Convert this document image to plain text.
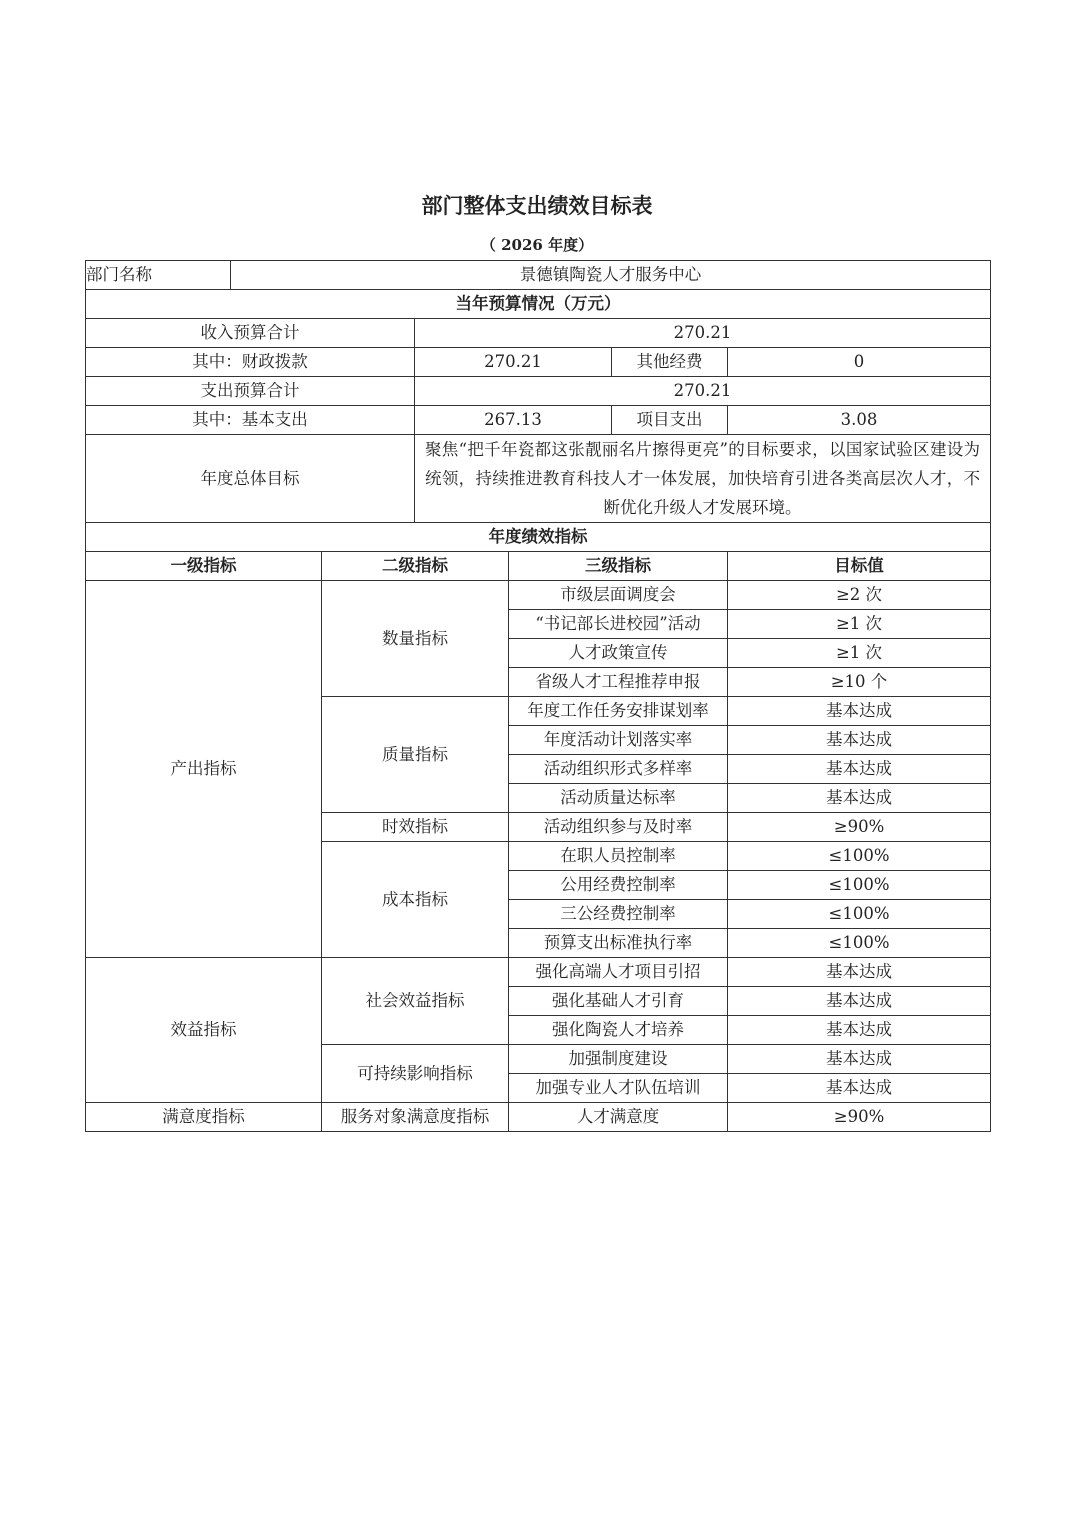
部门整体支出绩效目标表
（ 2026 年度）
部门名称	景德镇陶瓷人才服务中心					
当年预算情况（万元）						
收入预算合计			270.21			
其中：财政拨款			270.21		其他经费	0
支出预算合计			270.21			
其中：基本支出			267.13		项目支出	3.08
年度总体目标			聚焦“把千年瓷都这张靓丽名片擦得更亮”的目标要求，以国家试验区建设为统领，持续推进教育科技人才一体发展，加快培育引进各类高层次人才，不断优化升级人才发展环境。			
年度绩效指标						
一级指标		二级指标		三级指标		目标值
产出指标		数量指标		市级层面调度会		≥2 次
				“书记部长进校园”活动		≥1 次
				人才政策宣传		≥1 次
				省级人才工程推荐申报		≥10 个
		质量指标		年度工作任务安排谋划率		基本达成
				年度活动计划落实率		基本达成
				活动组织形式多样率		基本达成
				活动质量达标率		基本达成
		时效指标		活动组织参与及时率		≥90%
		成本指标		在职人员控制率		≤100%
				公用经费控制率		≤100%
				三公经费控制率		≤100%
				预算支出标准执行率		≤100%
效益指标		社会效益指标		强化高端人才项目引招		基本达成
				强化基础人才引育		基本达成
				强化陶瓷人才培养		基本达成
		可持续影响指标		加强制度建设		基本达成
				加强专业人才队伍培训		基本达成
满意度指标		服务对象满意度指标		人才满意度		≥90%
